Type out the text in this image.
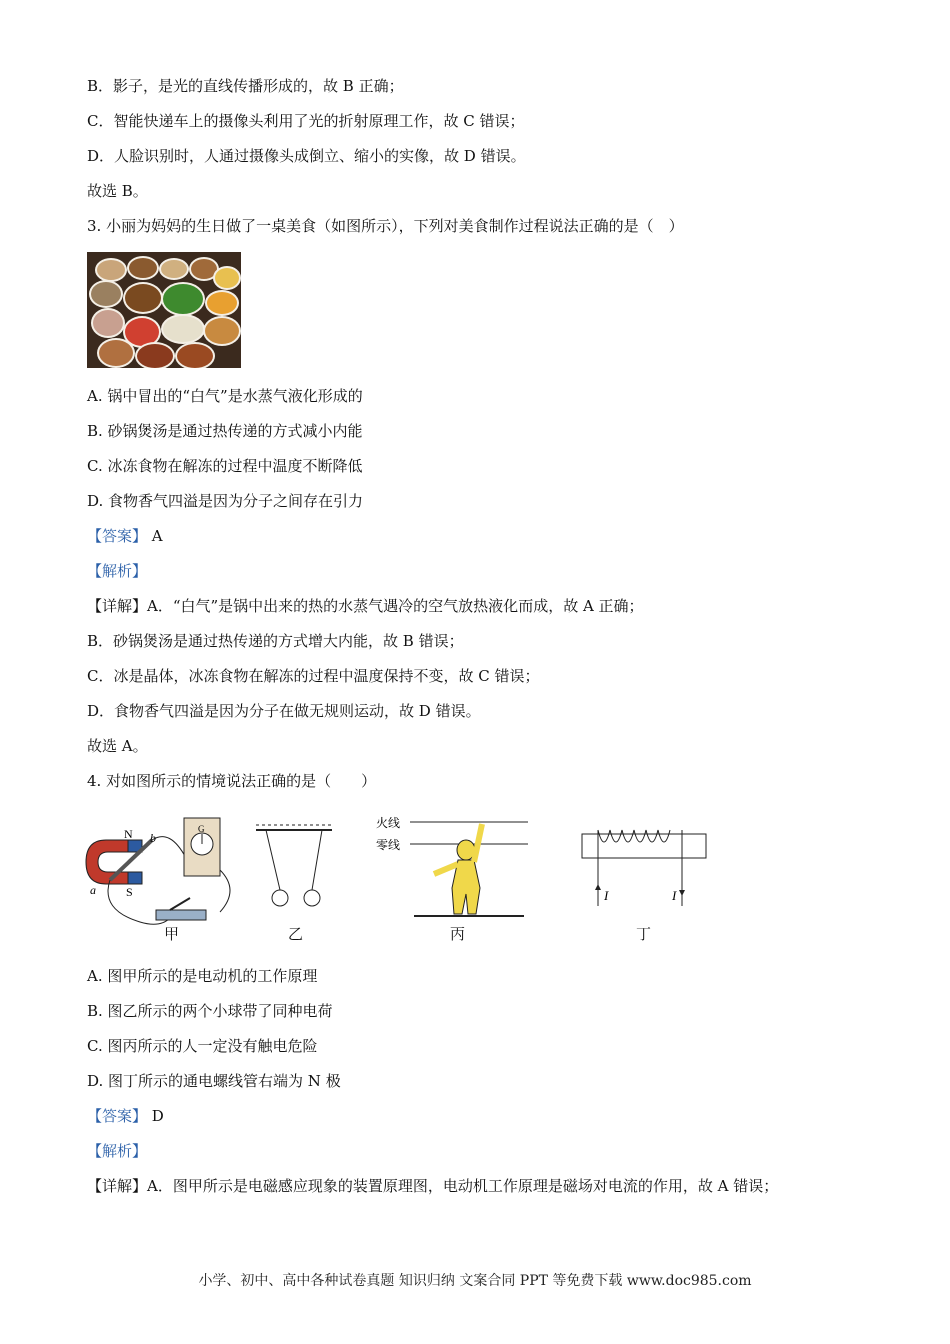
B．影子，是光的直线传播形成的，故 B 正确；
C．智能快递车上的摄像头利用了光的折射原理工作，故 C 错误；
D．人脸识别时，人通过摄像头成倒立、缩小的实像，故 D 错误。
故选 B。
3. 小丽为妈妈的生日做了一桌美食（如图所示），下列对美食制作过程说法正确的是（　）
A. 锅中冒出的“白气”是水蒸气液化形成的
B. 砂锅煲汤是通过热传递的方式减小内能
C. 冰冻食物在解冻的过程中温度不断降低
D. 食物香气四溢是因为分子之间存在引力
【答案】 A
【解析】
【详解】A．“白气”是锅中出来的热的水蒸气遇冷的空气放热液化而成，故 A 正确；
B．砂锅煲汤是通过热传递的方式增大内能，故 B 错误；
C．冰是晶体，冰冻食物在解冻的过程中温度保持不变，故 C 错误；
D．食物香气四溢是因为分子在做无规则运动，故 D 错误。
故选 A。
4. 对如图所示的情境说法正确的是（　　）
N
S
a
b
G	火线
零线
I	I
甲	乙	丙	丁
A. 图甲所示的是电动机的工作原理
B. 图乙所示的两个小球带了同种电荷
C. 图丙所示的人一定没有触电危险
D. 图丁所示的通电螺线管右端为 N 极
【答案】 D
【解析】
【详解】A．图甲所示是电磁感应现象的装置原理图，电动机工作原理是磁场对电流的作用，故 A 错误；
小学、初中、高中各种试卷真题 知识归纳 文案合同 PPT 等免费下载 www.doc985.com
